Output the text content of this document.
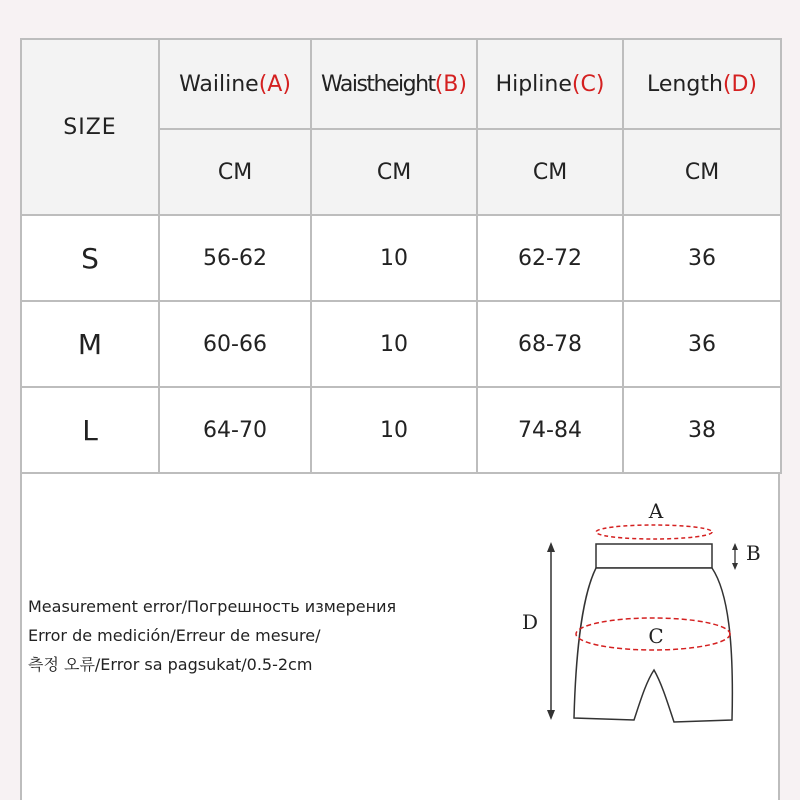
SIZE	Wailine(A)	Waistheight(B)	Hipline(C)	Length(D)
	CM	CM	CM	CM
S	56-62	10	62-72	36
M	60-66	10	68-78	36
L	64-70	10	74-84	38
Measurement error/Погрешность измерения
Error de medición/Erreur de mesure/
측정 오류/Error sa pagsukat/0.5-2cm
A
B
C
D
